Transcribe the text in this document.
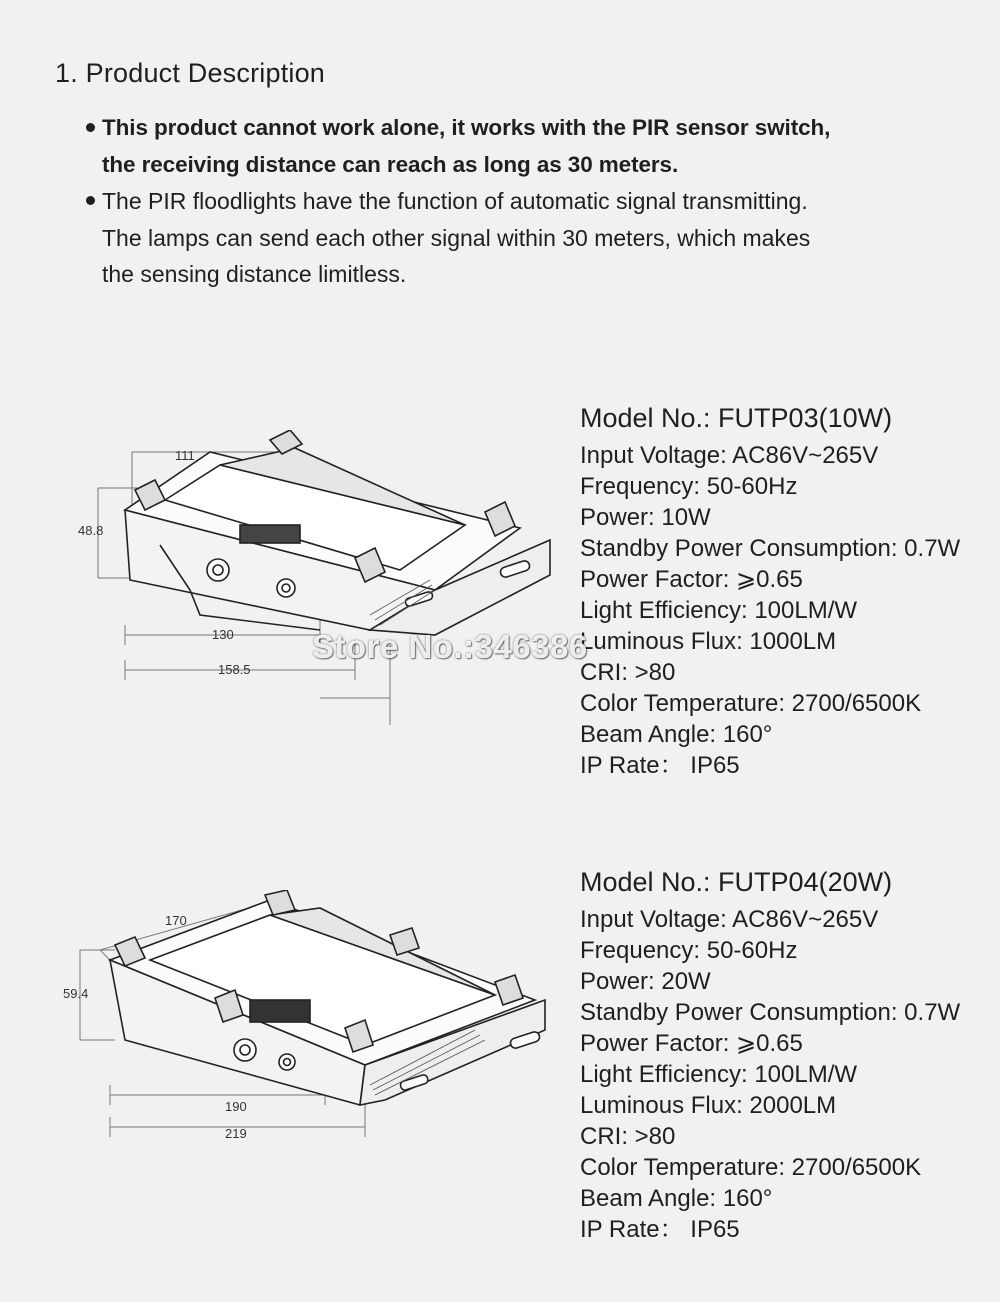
1. Product Description

This product cannot work alone, it works with the PIR sensor switch,

the receiving distance can reach as long as 30 meters.

The PIR floodlights have the function of automatic signal transmitting.

The lamps can send each other signal within 30 meters, which makes

the sensing distance limitless.

111
48.8
130
158.5
170
59.4
190
219
Model No.: FUTP03(10W)
Input Voltage: AC86V~265V
Frequency: 50-60Hz
Power: 10W
Standby Power Consumption: 0.7W
Power Factor: ⩾0.65
Light Efficiency: 100LM/W
Luminous Flux: 1000LM
CRI: >80
Color Temperature: 2700/6500K
Beam Angle: 160°
IP Rate： IP65
Model No.: FUTP04(20W)
Input Voltage: AC86V~265V
Frequency: 50-60Hz
Power: 20W
Standby Power Consumption: 0.7W
Power Factor: ⩾0.65
Light Efficiency: 100LM/W
Luminous Flux: 2000LM
CRI: >80
Color Temperature: 2700/6500K
Beam Angle: 160°
IP Rate： IP65
Store No.:346386
